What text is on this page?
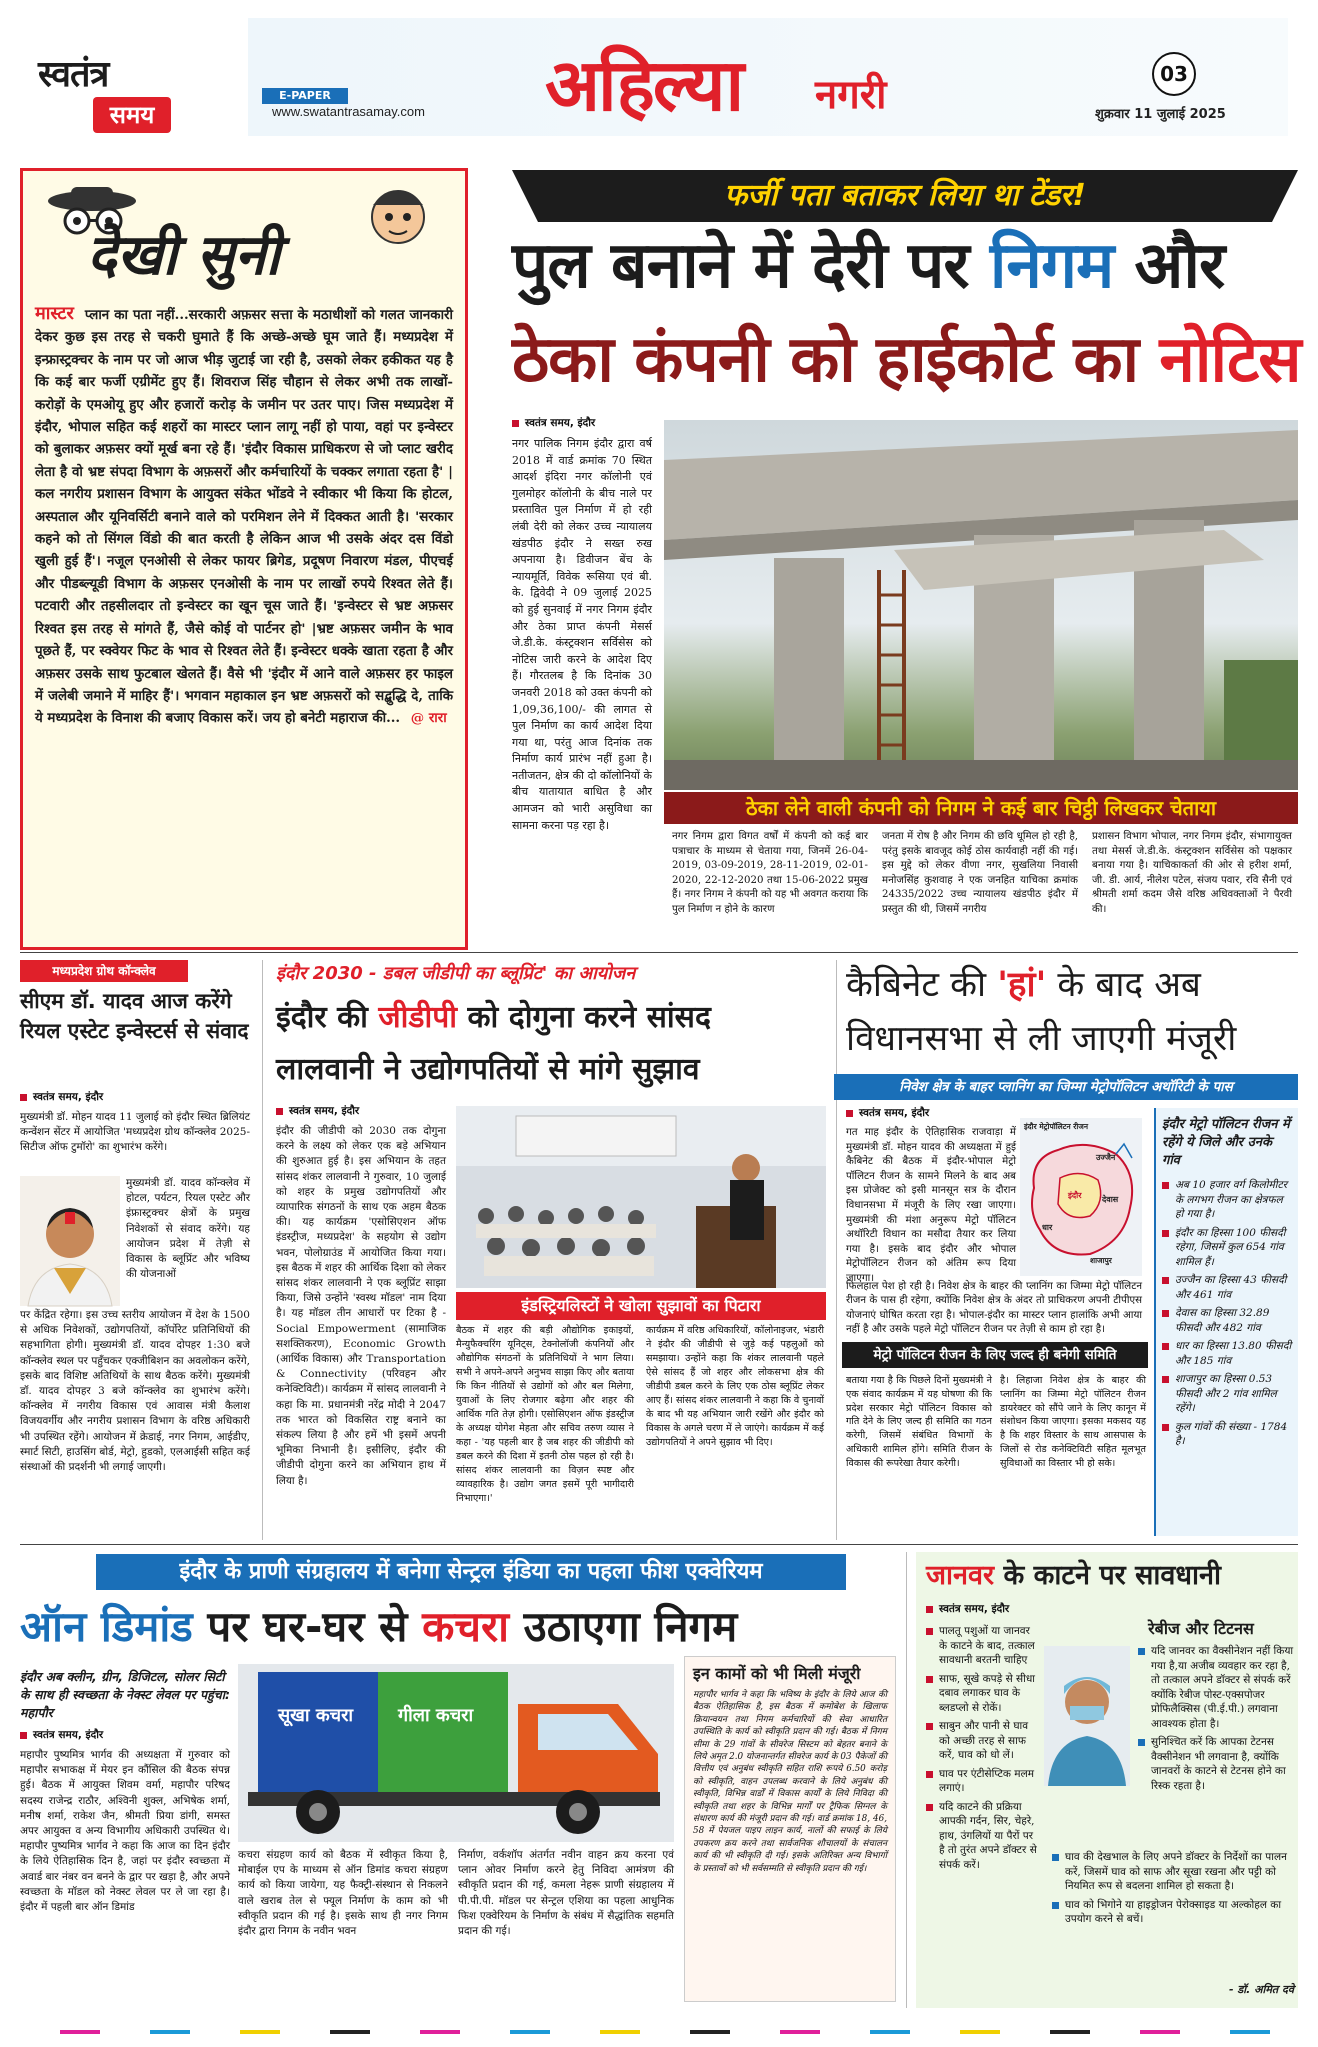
स्वतंत्र
समय
E-PAPER
www.swatantrasamay.com अहिल्या नगरी	03
शुक्रवार 11 जुलाई 2025
देखी सुनी
मास्टर प्लान का पता नहीं...सरकारी अफ़सर सत्ता के मठाधीशों को गलत जानकारी देकर कुछ इस तरह से चकरी घुमाते हैं कि अच्छे-अच्छे घूम जाते हैं। मध्यप्रदेश में इन्फ्रास्ट्रक्चर के नाम पर जो आज भीड़ जुटाई जा रही है, उसको लेकर हकीकत यह है कि कई बार फर्जी एग्रीमेंट हुए हैं। शिवराज सिंह चौहान से लेकर अभी तक लाखों-करोड़ों के एमओयू हुए और हजारों करोड़ के जमीन पर उतर पाए। जिस मध्यप्रदेश में इंदौर, भोपाल सहित कई शहरों का मास्टर प्लान लागू नहीं हो पाया, वहां पर इन्वेस्टर को बुलाकर अफ़सर क्यों मूर्ख बना रहे हैं। 'इंदौर विकास प्राधिकरण से जो प्लाट खरीद लेता है वो भ्रष्ट संपदा विभाग के अफ़सरों और कर्मचारियों के चक्कर लगाता रहता है' |कल नगरीय प्रशासन विभाग के आयुक्त संकेत भोंडवे ने स्वीकार भी किया कि होटल, अस्पताल और यूनिवर्सिटी बनाने वाले को परमिशन लेने में दिक्कत आती है। 'सरकार कहने को तो सिंगल विंडो की बात करती है लेकिन आज भी उसके अंदर दस विंडो खुली हुई हैं'। नजूल एनओसी से लेकर फायर ब्रिगेड, प्रदूषण निवारण मंडल, पीएचई और पीडब्ल्यूडी विभाग के अफ़सर एनओसी के नाम पर लाखों रुपये रिश्वत लेते हैं। पटवारी और तहसीलदार तो इन्वेस्टर का खून चूस जाते हैं। 'इन्वेस्टर से भ्रष्ट अफ़सर रिश्वत इस तरह से मांगते हैं, जैसे कोई वो पार्टनर हो' |भ्रष्ट अफ़सर जमीन के भाव पूछते हैं, पर स्क्वेयर फिट के भाव से रिश्वत लेते हैं। इन्वेस्टर धक्के खाता रहता है और अफ़सर उसके साथ फुटबाल खेलते हैं। वैसे भी 'इंदौर में आने वाले अफ़सर हर फाइल में जलेबी जमाने में माहिर हैं'। भगवान महाकाल इन भ्रष्ट अफ़सरों को सद्बुद्धि दे, ताकि ये मध्यप्रदेश के विनाश की बजाए विकास करें। जय हो बनेटी महाराज की... @ रारा
फर्जी पता बताकर लिया था टेंडर!
पुल बनाने में देरी पर निगम और
ठेका कंपनी को हाईकोर्ट का नोटिस
स्वतंत्र समय, इंदौर
नगर पालिक निगम इंदौर द्वारा वर्ष 2018 में वार्ड क्रमांक 70 स्थित आदर्श इंदिरा नगर कॉलोनी एवं गुलमोहर कॉलोनी के बीच नाले पर प्रस्तावित पुल निर्माण में हो रही लंबी देरी को लेकर उच्च न्यायालय खंडपीठ इंदौर ने सख्त रुख अपनाया है। डिवीजन बेंच के न्यायमूर्ति, विवेक रूसिया एवं बी. के. द्विवेदी ने 09 जुलाई 2025 को हुई सुनवाई में नगर निगम इंदौर और ठेका प्राप्त कंपनी मेसर्स जे.डी.के. कंस्ट्रक्शन सर्विसेस को नोटिस जारी करने के आदेश दिए हैं। गौरतलब है कि दिनांक 30 जनवरी 2018 को उक्त कंपनी को 1,09,36,100/- की लागत से पुल निर्माण का कार्य आदेश दिया गया था, परंतु आज दिनांक तक निर्माण कार्य प्रारंभ नहीं हुआ है। नतीजतन, क्षेत्र की दो कॉलोनियों के बीच यातायात बाधित है और आमजन को भारी असुविधा का सामना करना पड़ रहा है।
ठेका लेने वाली कंपनी को निगम ने कई बार चिट्ठी लिखकर चेताया
नगर निगम द्वारा विगत वर्षों में कंपनी को कई बार पत्राचार के माध्यम से चेताया गया, जिनमें 26-04-2019, 03-09-2019, 28-11-2019, 02-01-2020, 22-12-2020 तथा 15-06-2022 प्रमुख हैं। नगर निगम ने कंपनी को यह भी अवगत कराया कि पुल निर्माण न होने के कारण
जनता में रोष है और निगम की छवि धूमिल हो रही है, परंतु इसके बावजूद कोई ठोस कार्यवाही नहीं की गई। इस मुद्दे को लेकर वीणा नगर, सुखलिया निवासी मनोजसिंह कुशवाह ने एक जनहित याचिका क्रमांक 24335/2022 उच्च न्यायालय खंडपीठ इंदौर में प्रस्तुत की थी, जिसमें नगरीय
प्रशासन विभाग भोपाल, नगर निगम इंदौर, संभागायुक्त तथा मेसर्स जे.डी.के. कंस्ट्रक्शन सर्विसेस को पक्षकार बनाया गया है। याचिकाकर्ता की ओर से हरीश शर्मा, जी. डी. आर्य, नीलेश पटेल, संजय पवार, रवि सैनी एवं श्रीमती शर्मा कदम जैसे वरिष्ठ अधिवक्ताओं ने पैरवी की।
मध्यप्रदेश ग्रोथ कॉन्क्लेव
सीएम डॉ. यादव आज करेंगे रियल एस्टेट इन्वेस्टर्स से संवाद
स्वतंत्र समय, इंदौर
मुख्यमंत्री डॉ. मोहन यादव 11 जुलाई को इंदौर स्थित ब्रिलियंट कन्वेंशन सेंटर में आयोजित 'मध्यप्रदेश ग्रोथ कॉन्क्लेव 2025- सिटीज ऑफ टुमॉरो' का शुभारंभ करेंगे।
मुख्यमंत्री डॉ. यादव कॉन्क्लेव में होटल, पर्यटन, रियल एस्टेट और इंफ्रास्ट्रक्चर क्षेत्रों के प्रमुख निवेशकों से संवाद करेंगे। यह आयोजन प्रदेश में तेज़ी से विकास के ब्लूप्रिंट और भविष्य की योजनाओं
पर केंद्रित रहेगा। इस उच्च स्तरीय आयोजन में देश के 1500 से अधिक निवेशकों, उद्योगपतियों, कॉर्पोरेट प्रतिनिधियों की सहभागिता होगी। मुख्यमंत्री डॉ. यादव दोपहर 1:30 बजे कॉन्क्लेव स्थल पर पहुँचकर एक्जीबिशन का अवलोकन करेंगे, इसके बाद विशिष्ट अतिथियों के साथ बैठक करेंगे। मुख्यमंत्री डॉ. यादव दोपहर 3 बजे कॉन्क्लेव का शुभारंभ करेंगे। कॉन्क्लेव में नगरीय विकास एवं आवास मंत्री कैलाश विजयवर्गीय और नगरीय प्रशासन विभाग के वरिष्ठ अधिकारी भी उपस्थित रहेंगे। आयोजन में क्रेडाई, नगर निगम, आईडीए, स्मार्ट सिटी, हाउसिंग बोर्ड, मेट्रो, हुडको, एलआईसी सहित कई संस्थाओं की प्रदर्शनी भी लगाई जाएगी।
इंदौर 2030 - डबल जीडीपी का ब्लूप्रिंट' का आयोजन
इंदौर की जीडीपी को दोगुना करने सांसद
लालवानी ने उद्योगपतियों से मांगे सुझाव
स्वतंत्र समय, इंदौर
इंदौर की जीडीपी को 2030 तक दोगुना करने के लक्ष्य को लेकर एक बड़े अभियान की शुरुआत हुई है। इस अभियान के तहत सांसद शंकर लालवानी ने गुरुवार, 10 जुलाई को शहर के प्रमुख उद्योगपतियों और व्यापारिक संगठनों के साथ एक अहम बैठक की। यह कार्यक्रम 'एसोसिएशन ऑफ इंडस्ट्रीज, मध्यप्रदेश' के सहयोग से उद्योग भवन, पोलोग्राउंड में आयोजित किया गया। इस बैठक में शहर की आर्थिक दिशा को लेकर सांसद शंकर लालवानी ने एक ब्लूप्रिंट साझा किया, जिसे उन्होंने 'स्वस्थ मॉडल' नाम दिया है। यह मॉडल तीन आधारों पर टिका है - Social Empowerment (सामाजिक सशक्तिकरण), Economic Growth (आर्थिक विकास) और Transportation & Connectivity (परिवहन और कनेक्टिविटी)। कार्यक्रम में सांसद लालवानी ने कहा कि मा. प्रधानमंत्री नरेंद्र मोदी ने 2047 तक भारत को विकसित राष्ट्र बनाने का संकल्प लिया है और हमें भी इसमें अपनी भूमिका निभानी है। इसीलिए, इंदौर की जीडीपी दोगुना करने का अभियान हाथ में लिया है।
इंडस्ट्रियलिस्टों ने खोला सुझावों का पिटारा
बैठक में शहर की बड़ी औद्योगिक इकाइयों, मैन्युफैक्चरिंग यूनिट्स, टेक्नोलॉजी कंपनियों और औद्योगिक संगठनों के प्रतिनिधियों ने भाग लिया। सभी ने अपने-अपने अनुभव साझा किए और बताया कि किन नीतियों से उद्योगों को और बल मिलेगा, युवाओं के लिए रोजगार बढ़ेगा और शहर की आर्थिक गति तेज़ होगी। एसोसिएशन ऑफ इंडस्ट्रीज के अध्यक्ष योगेश मेहता और सचिव तरुण व्यास ने कहा - 'यह पहली बार है जब शहर की जीडीपी को डबल करने की दिशा में इतनी ठोस पहल हो रही है। सांसद शंकर लालवानी का विज़न स्पष्ट और व्यावहारिक है। उद्योग जगत इसमें पूरी भागीदारी निभाएगा।'
कार्यक्रम में वरिष्ठ अधिकारियों, कॉलोनाइजर, भंडारी ने इंदौर की जीडीपी से जुड़े कई पहलुओं को समझाया। उन्होंने कहा कि शंकर लालवानी पहले ऐसे सांसद हैं जो शहर और लोकसभा क्षेत्र की जीडीपी डबल करने के लिए एक ठोस ब्लूप्रिंट लेकर आए हैं। सांसद शंकर लालवानी ने कहा कि वे चुनावों के बाद भी यह अभियान जारी रखेंगे और इंदौर को विकास के अगले चरण में ले जाएंगे। कार्यक्रम में कई उद्योगपतियों ने अपने सुझाव भी दिए।
कैबिनेट की 'हां' के बाद अब
विधानसभा से ली जाएगी मंजूरी
निवेश क्षेत्र के बाहर प्लानिंग का जिम्मा मेट्रोपॉलिटन अथॉरिटी के पास
स्वतंत्र समय, इंदौर
गत माह इंदौर के ऐतिहासिक राजवाड़ा में मुख्यमंत्री डॉ. मोहन यादव की अध्यक्षता में हुई कैबिनेट की बैठक में इंदौर-भोपाल मेट्रो पॉलिटन रीजन के सामने मिलने के बाद अब इस प्रोजेक्ट को इसी मानसून सत्र के दौरान विधानसभा में मंजूरी के लिए रखा जाएगा। मुख्यमंत्री की मंशा अनुरूप मेट्रो पॉलिटन अथॉरिटी विधान का मसौदा तैयार कर लिया गया है। इसके बाद इंदौर और भोपाल मेट्रोपॉलिटन रीजन को अंतिम रूप दिया जाएगा।
इंदौर मेट्रोपॉलिटन रीजन
उज्जैन
देवास
इंदौर
धार
शाजापुर
फिलहाल पेश हो रही है। निवेश क्षेत्र के बाहर की प्लानिंग का जिम्मा मेट्रो पॉलिटन रीजन के पास ही रहेगा, क्योंकि निवेश क्षेत्र के अंदर तो प्राधिकरण अपनी टीपीएस योजनाएं घोषित करता रहा है। भोपाल-इंदौर का मास्टर प्लान हालांकि अभी आया नहीं है और उसके पहले मेट्रो पॉलिटन रीजन पर तेज़ी से काम हो रहा है।
मेट्रो पॉलिटन रीजन के लिए जल्द ही बनेगी समिति
बताया गया है कि पिछले दिनों मुख्यमंत्री ने एक संवाद कार्यक्रम में यह घोषणा की कि प्रदेश सरकार मेट्रो पॉलिटन विकास को गति देने के लिए जल्द ही समिति का गठन करेगी, जिसमें संबंधित विभागों के अधिकारी शामिल होंगे। समिति रीजन के विकास की रूपरेखा तैयार करेगी।
है। लिहाजा निवेश क्षेत्र के बाहर की प्लानिंग का जिम्मा मेट्रो पॉलिटन रीजन डायरेक्टर को सौंपे जाने के लिए कानून में संशोधन किया जाएगा। इसका मकसद यह है कि शहर विस्तार के साथ आसपास के जिलों से रोड कनेक्टिविटी सहित मूलभूत सुविधाओं का विस्तार भी हो सके।
इंदौर मेट्रो पॉलिटन रीजन में रहेंगे ये जिले और उनके गांव
अब 10 हजार वर्ग किलोमीटर के लगभग रीजन का क्षेत्रफल हो गया है।
इंदौर का हिस्सा 100 फीसदी रहेगा, जिसमें कुल 654 गांव शामिल हैं।
उज्जैन का हिस्सा 43 फीसदी और 461 गांव
देवास का हिस्सा 32.89 फीसदी और 482 गांव
धार का हिस्सा 13.80 फीसदी और 185 गांव
शाजापुर का हिस्सा 0.53 फीसदी और 2 गांव शामिल रहेंगे।
कुल गांवों की संख्या - 1784 है।
इंदौर के प्राणी संग्रहालय में बनेगा सेन्ट्रल इंडिया का पहला फीश एक्वेरियम
ऑन डिमांड पर घर-घर से कचरा उठाएगा निगम
इंदौर अब क्लीन, ग्रीन, डिजिटल, सोलर सिटी के साथ ही स्वच्छता के नेक्स्ट लेवल पर पहुंचा: महापौर
स्वतंत्र समय, इंदौर
सूखा कचरा गीला कचरा
महापौर पुष्यमित्र भार्गव की अध्यक्षता में गुरुवार को महापौर सभाकक्ष में मेयर इन कौंसिल की बैठक संपन्न हुई। बैठक में आयुक्त शिवम वर्मा, महापौर परिषद सदस्य राजेन्द्र राठौर, अश्विनी शुक्ल, अभिषेक शर्मा, मनीष शर्मा, राकेश जैन, श्रीमती प्रिया डांगी, समस्त अपर आयुक्त व अन्य विभागीय अधिकारी उपस्थित थे। महापौर पुष्यमित्र भार्गव ने कहा कि आज का दिन इंदौर के लिये ऐतिहासिक दिन है, जहां पर इंदौर स्वच्छता में अवार्ड बार नंबर वन बनने के द्वार पर खड़ा है, और अपने स्वच्छता के मॉडल को नेक्स्ट लेवल पर ले जा रहा है। इंदौर में पहली बार ऑन डिमांड
कचरा संग्रहण कार्य को बैठक में स्वीकृत किया है, मोबाईल एप के माध्यम से ऑन डिमांड कचरा संग्रहण कार्य को किया जायेगा, यह फैक्ट्री-संस्थान से निकलने वाले खराब तेल से फ्यूल निर्माण के काम को भी स्वीकृति प्रदान की गई है। इसके साथ ही नगर निगम इंदौर द्वारा निगम के नवीन भवन
निर्माण, वर्कशॉप अंतर्गत नवीन वाहन क्रय करना एवं प्लान ओवर निर्माण करने हेतु निविदा आमंत्रण की स्वीकृति प्रदान की गई, कमला नेहरू प्राणी संग्रहालय में पी.पी.पी. मॉडल पर सेन्ट्रल एशिया का पहला आधुनिक फिश एक्वेरियम के निर्माण के संबंध में सैद्धांतिक सहमति प्रदान की गई।
इन कामों को भी मिली मंजूरी
महापौर भार्गव ने कहा कि भविष्य के इंदौर के लिये आज की बैठक ऐतिहासिक है, इस बैठक में कमोबेश के खिलाफ क्रियान्वयन तथा निगम कर्मचारियों की सेवा आधारित उपस्थिति के कार्य को स्वीकृति प्रदान की गई। बैठक में निगम सीमा के 29 गांवों के सीवरेज सिस्टम को बेहतर बनाने के लिये अमृत 2.0 योजनान्तर्गत सीवरेज कार्य के 03 पैकेजों की वित्तीय एवं अनुबंध स्वीकृति सहित राशि रूपये 6.50 करोड़ को स्वीकृति, वाहन उपलब्ध करवाने के लिये अनुबंध की स्वीकृति, विभिन्न वार्डों में विकास कार्यों के लिये निविदा की स्वीकृति तथा शहर के विभिन्न मार्गों पर ट्रैफिक सिग्नल के संधारण कार्य की मंजूरी प्रदान की गई। वार्ड क्रमांक 18, 46, 58 में पेयजल पाइप लाइन कार्य, नालों की सफाई के लिये उपकरण क्रय करने तथा सार्वजनिक शौचालयों के संचालन कार्य की भी स्वीकृति दी गई। इसके अतिरिक्त अन्य विभागों के प्रस्तावों को भी सर्वसम्मति से स्वीकृति प्रदान की गई।
जानवर के काटने पर सावधानी
स्वतंत्र समय, इंदौर
रेबीज और टिटनस
पालतू पशुओं या जानवर के काटने के बाद, तत्काल सावधानी बरतनी चाहिए
साफ, सूखे कपड़े से सीधा दबाव लगाकर घाव के ब्लडप्लो से रोकें।
साबुन और पानी से घाव को अच्छी तरह से साफ करें, घाव को धो लें।
घाव पर एंटीसेप्टिक मलम लगाएं।
यदि काटने की प्रक्रिया आपकी गर्दन, सिर, चेहरे, हाथ, उंगलियों या पैरों पर है तो तुरंत अपने डॉक्टर से संपर्क करें।
यदि जानवर का वैक्सीनेशन नहीं किया गया है,या अजीब व्यवहार कर रहा है, तो तत्काल अपने डॉक्टर से संपर्क करें क्योंकि रेबीज पोस्ट-एक्सपोजर प्रोफिलैक्सिस (पी.ई.पी.) लगवाना आवश्यक होता है।
सुनिश्चित करें कि आपका टेटनस वैक्सीनेशन भी लगवाना है, क्योंकि जानवरों के काटने से टेटनस होने का रिस्क रहता है।
घाव की देखभाल के लिए अपने डॉक्टर के निर्देशों का पालन करें, जिसमें घाव को साफ और सूखा रखना और पट्टी को नियमित रूप से बदलना शामिल हो सकता है।
घाव को भिगोने या हाइड्रोजन पेरोक्साइड या अल्कोहल का उपयोग करने से बचें।
- डॉ. अमित दवे
